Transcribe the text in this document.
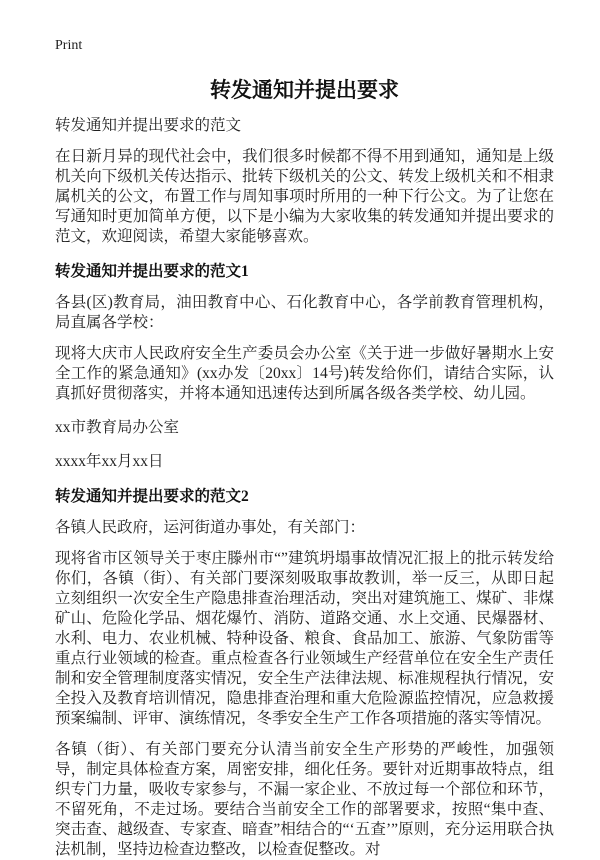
Print
转发通知并提出要求
转发通知并提出要求的范文

在日新月异的现代社会中，我们很多时候都不得不用到通知，通知是上级机关向下级机关传达指示、批转下级机关的公文、转发上级机关和不相隶属机关的公文，布置工作与周知事项时所用的一种下行公文。为了让您在写通知时更加简单方便，以下是小编为大家收集的转发通知并提出要求的范文，欢迎阅读，希望大家能够喜欢。

转发通知并提出要求的范文1

各县(区)教育局，油田教育中心、石化教育中心，各学前教育管理机构，局直属各学校：

现将大庆市人民政府安全生产委员会办公室《关于进一步做好暑期水上安全工作的紧急通知》(xx办发〔20xx〕14号)转发给你们，请结合实际，认真抓好贯彻落实，并将本通知迅速传达到所属各级各类学校、幼儿园。

xx市教育局办公室

xxxx年xx月xx日

转发通知并提出要求的范文2

各镇人民政府，运河街道办事处，有关部门：

现将省市区领导关于枣庄滕州市“”建筑坍塌事故情况汇报上的批示转发给你们，各镇（街）、有关部门要深刻吸取事故教训，举一反三，从即日起立刻组织一次安全生产隐患排查治理活动，突出对建筑施工、煤矿、非煤矿山、危险化学品、烟花爆竹、消防、道路交通、水上交通、民爆器材、水利、电力、农业机械、特种设备、粮食、食品加工、旅游、气象防雷等重点行业领域的检查。重点检查各行业领域生产经营单位在安全生产责任制和安全管理制度落实情况，安全生产法律法规、标准规程执行情况，安全投入及教育培训情况，隐患排查治理和重大危险源监控情况，应急救援预案编制、评审、演练情况，冬季安全生产工作各项措施的落实等情况。

各镇（街）、有关部门要充分认清当前安全生产形势的严峻性，加强领导，制定具体检查方案，周密安排，细化任务。要针对近期事故特点，组织专门力量，吸收专家参与，不漏一家企业、不放过每一个部位和环节，不留死角，不走过场。要结合当前安全工作的部署要求，按照“集中查、突击查、越级查、专家查、暗查”相结合的“‘五查’”原则，充分运用联合执法机制，坚持边检查边整改，以检查促整改。对
